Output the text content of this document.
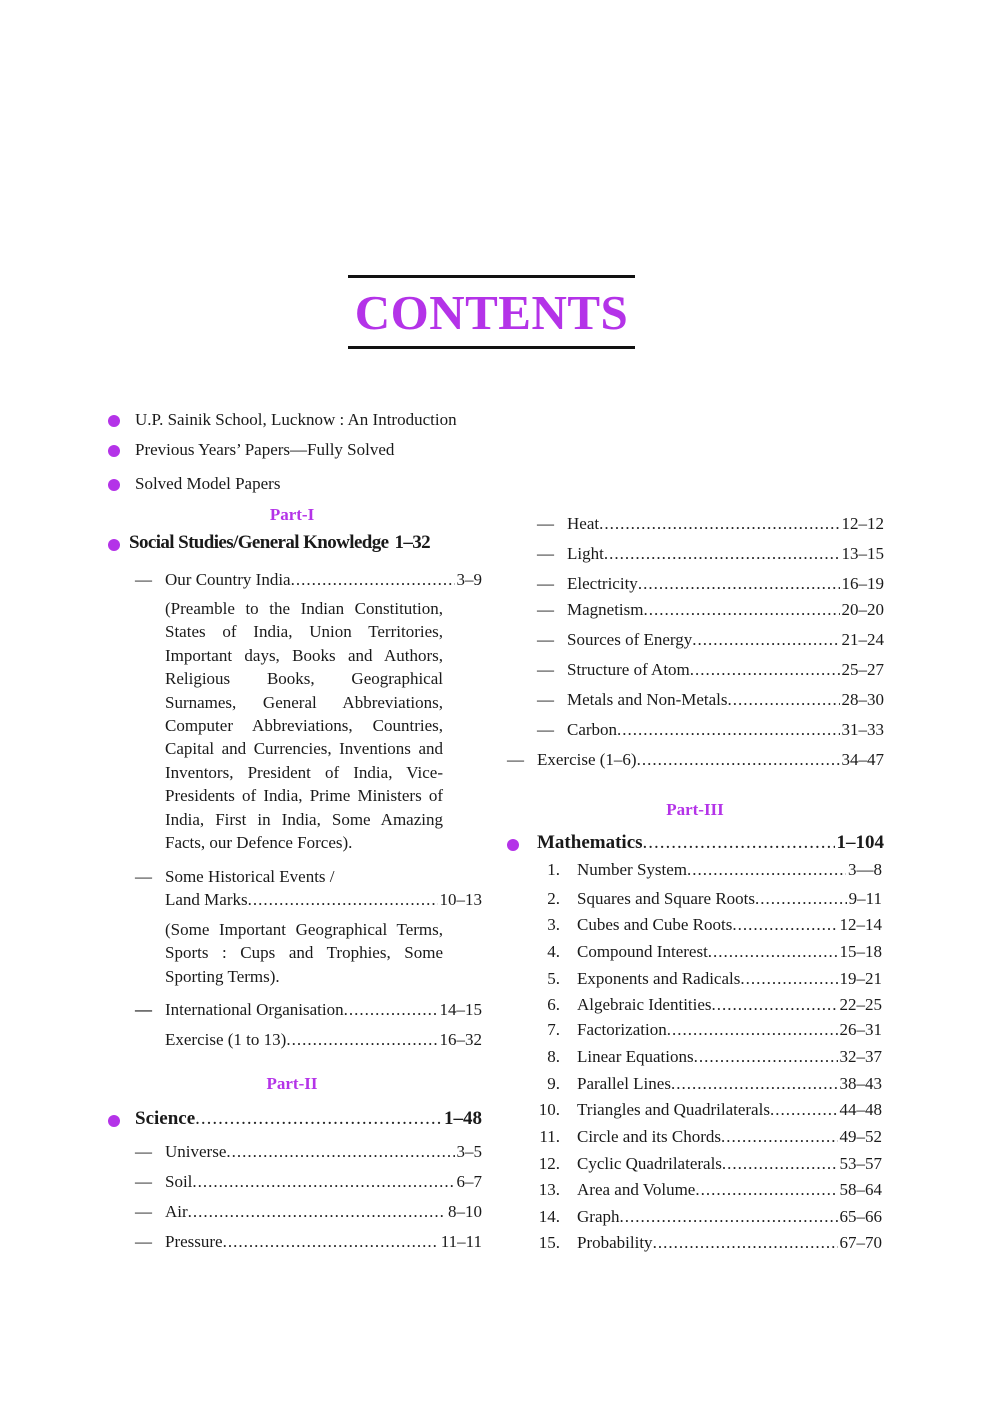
CONTENTS
U.P. Sainik School, Lucknow : An Introduction
Previous Years’ Papers—Fully Solved
Solved Model Papers
Part-I
Social Studies/General Knowledge 1–32
— Our Country India .....	3–9
(Preamble to the Indian Constitution, States of India, Union Territories, Important days, Books and Authors, Religious Books, Geographical Surnames, General Abbreviations, Computer Abbreviations, Countries, Capital and Currencies, Inventions and Inventors, President of India, Vice-Presidents of India, Prime Ministers of India, First in India, Some Amazing Facts, our Defence Forces).
— Some Historical Events /
Land Marks .....	10–13
(Some Important Geographical Terms, Sports : Cups and Trophies, Some Sporting Terms).
— International Organisation .....	14–15
Exercise (1 to 13) .....	16–32
Part-II
Science .....	1–48
— Universe .....	3–5
— Soil .....	6–7
— Air .....	8–10
— Pressure .....	11–11
— Heat .....	12–12
— Light .....	13–15
— Electricity .....	16–19
— Magnetism .....	20–20
— Sources of Energy .....	21–24
— Structure of Atom .....	25–27
— Metals and Non-Metals .....	28–30
— Carbon .....	31–33
— Exercise (1–6) .....	34–47
Part-III
Mathematics .....	1–104
1. Number System .....	3—8
2. Squares and Square Roots .....	9–11
3. Cubes and Cube Roots .....	12–14
4. Compound Interest .....	15–18
5. Exponents and Radicals .....	19–21
6. Algebraic Identities .....	22–25
7. Factorization .....	26–31
8. Linear Equations .....	32–37
9. Parallel Lines .....	38–43
10. Triangles and Quadrilaterals .....	44–48
11. Circle and its Chords .....	49–52
12. Cyclic Quadrilaterals .....	53–57
13. Area and Volume .....	58–64
14. Graph .....	65–66
15. Probability .....	67–70
